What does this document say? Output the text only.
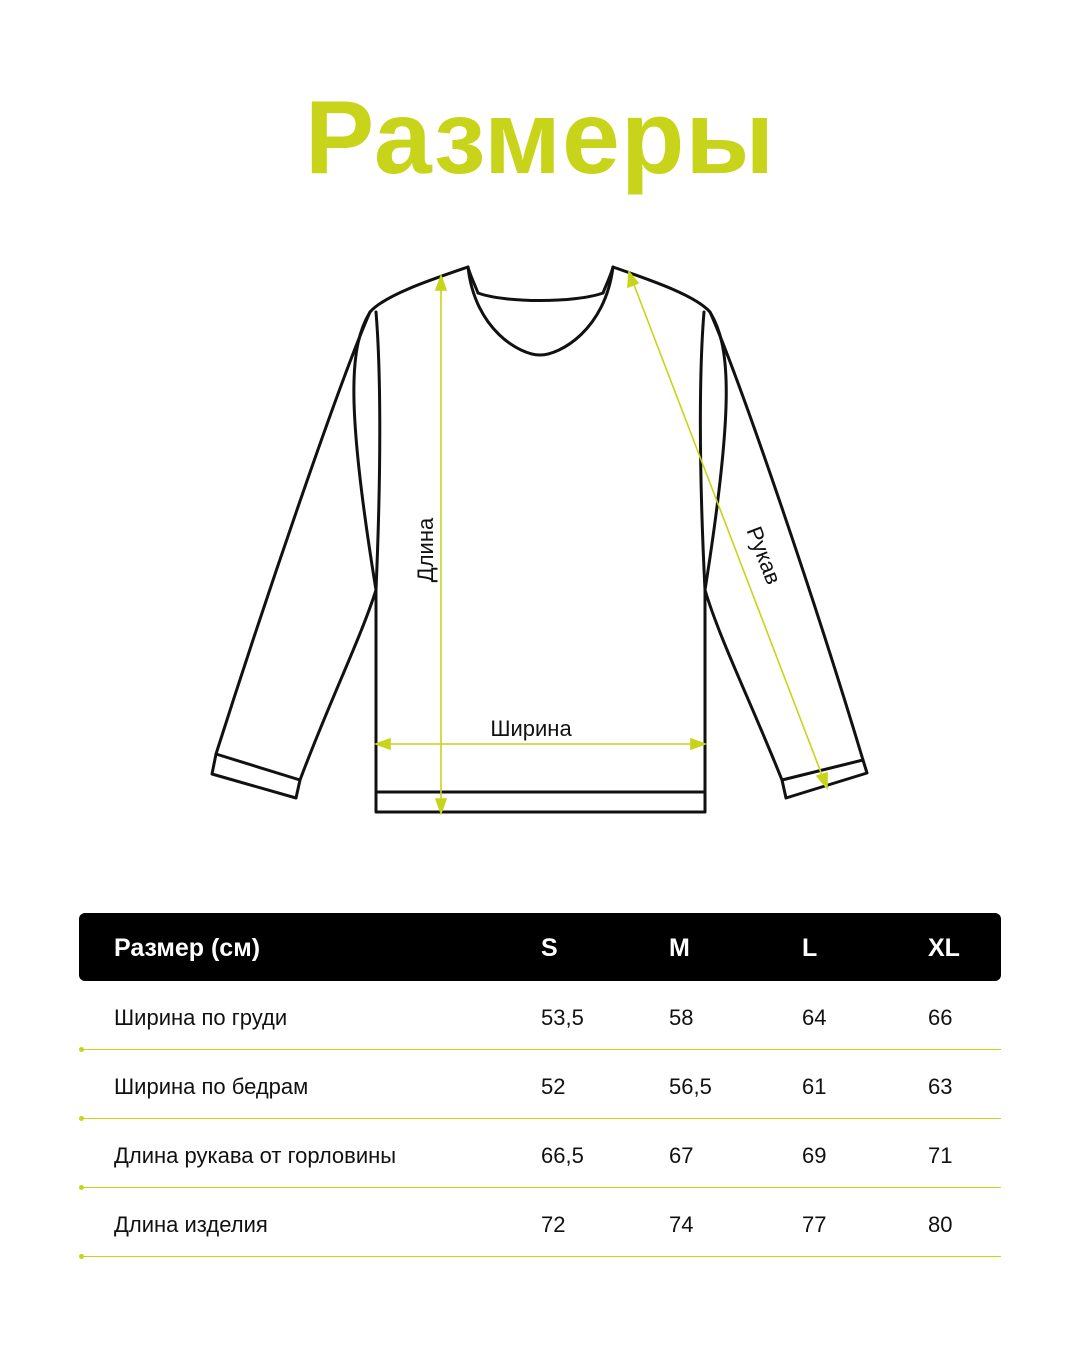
Размеры
Длина	Рукав
Ширина
Размер (см)	S	M	L	XL
Ширина по груди	53,5	58	64	66
Ширина по бедрам	52	56,5	61	63
Длина рукава от горловины	66,5	67	69	71
Длина изделия	72	74	77	80
